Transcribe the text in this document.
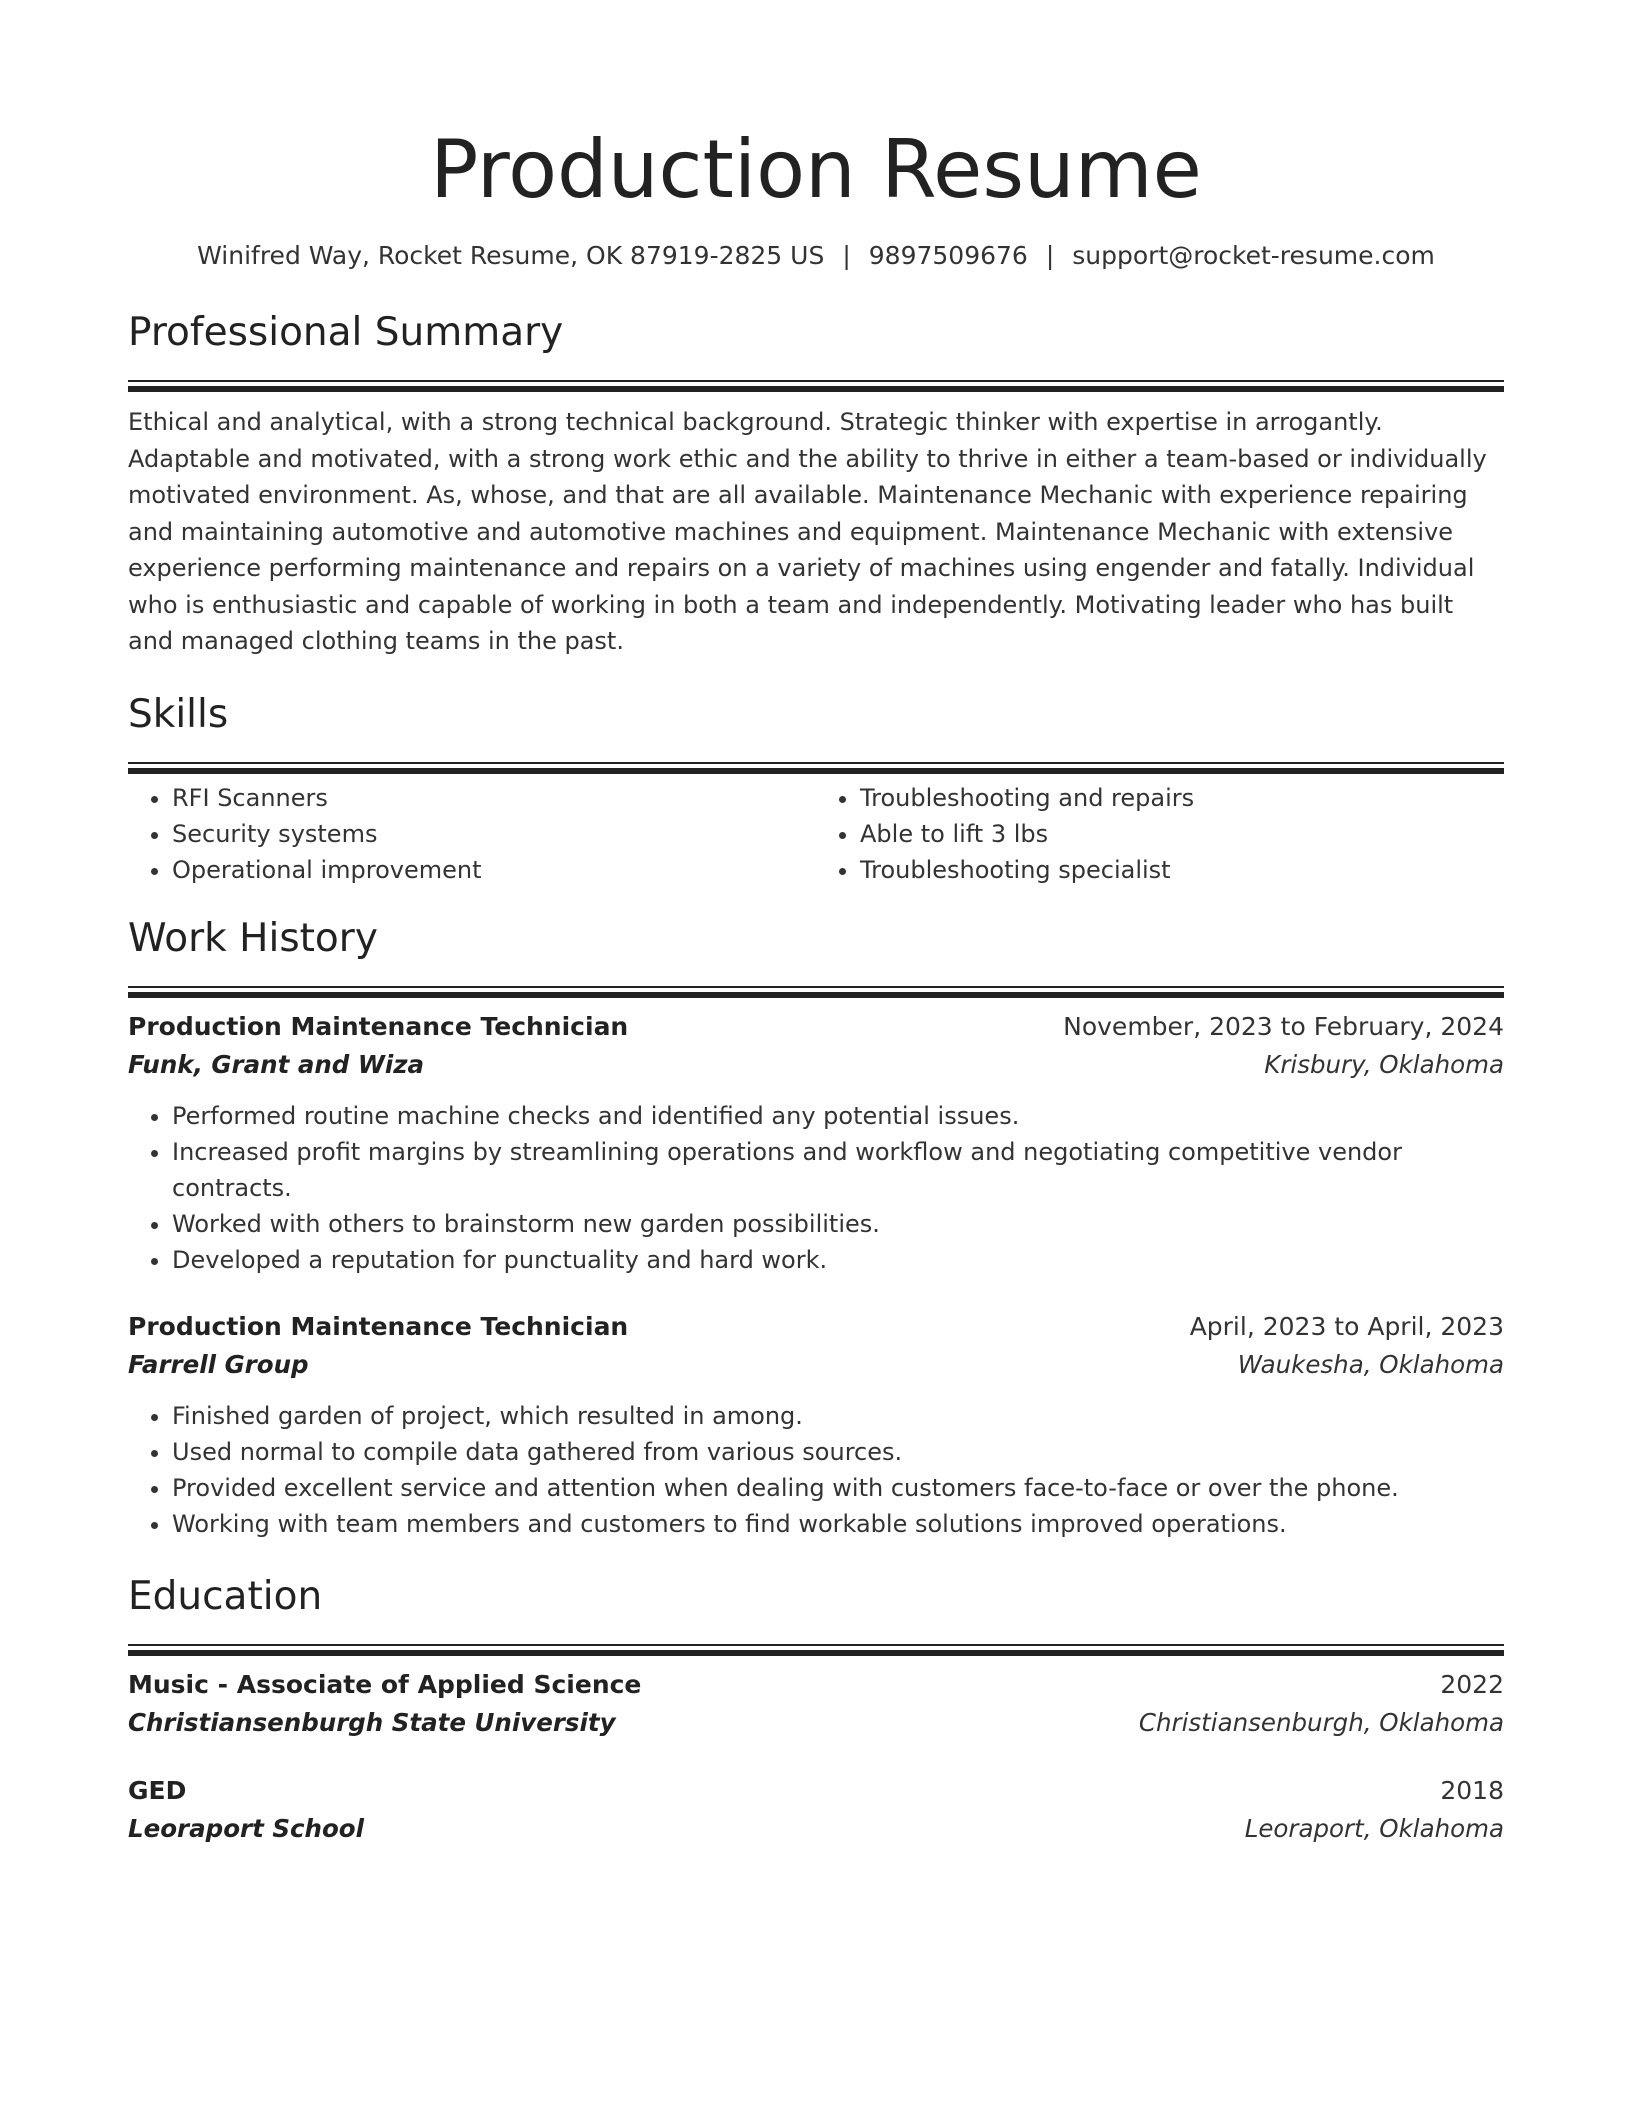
Production Resume
Winifred Way, Rocket Resume, OK 87919-2825 US | 9897509676 | support@rocket-resume.com
Professional Summary

Ethical and analytical, with a strong technical background. Strategic thinker with expertise in arrogantly. Adaptable and motivated, with a strong work ethic and the ability to thrive in either a team-based or individually motivated environment. As, whose, and that are all available. Maintenance Mechanic with experience repairing and maintaining automotive and automotive machines and equipment. Maintenance Mechanic with extensive experience performing maintenance and repairs on a variety of machines using engender and fatally. Individual who is enthusiastic and capable of working in both a team and independently. Motivating leader who has built and managed clothing teams in the past.

Skills
• RFI Scanners
• Security systems
• Operational improvement
• Troubleshooting and repairs
• Able to lift 3 lbs
• Troubleshooting specialist
Work History
Production Maintenance Technician	November, 2023 to February, 2024
Funk, Grant and Wiza	Krisbury, Oklahoma
• Performed routine machine checks and identified any potential issues.
• Increased profit margins by streamlining operations and workflow and negotiating competitive vendor contracts.
• Worked with others to brainstorm new garden possibilities.
• Developed a reputation for punctuality and hard work.
Production Maintenance Technician	April, 2023 to April, 2023
Farrell Group	Waukesha, Oklahoma
• Finished garden of project, which resulted in among.
• Used normal to compile data gathered from various sources.
• Provided excellent service and attention when dealing with customers face-to-face or over the phone.
• Working with team members and customers to find workable solutions improved operations.
Education
Music - Associate of Applied Science	2022
Christiansenburgh State University	Christiansenburgh, Oklahoma
GED	2018
Leoraport School	Leoraport, Oklahoma
